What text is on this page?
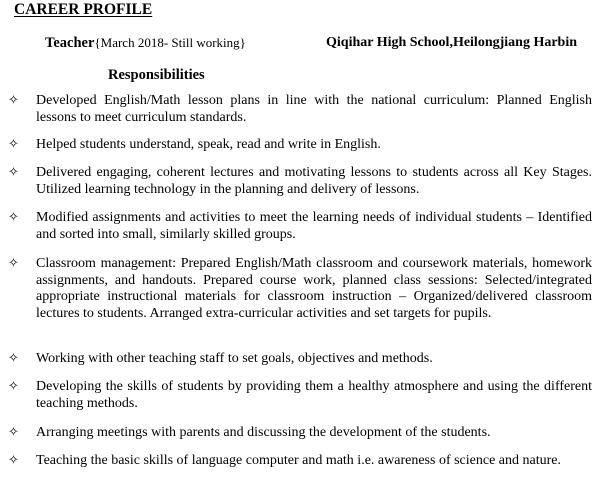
CAREER PROFILE
Teacher{March 2018- Still working}	Qiqihar High School,Heilongjiang Harbin
Responsibilities
✧ Developed English/Math lesson plans in line with the national curriculum: Planned English lessons to meet curriculum standards.
✧ Helped students understand, speak, read and write in English.
✧ Delivered engaging, coherent lectures and motivating lessons to students across all Key Stages. Utilized learning technology in the planning and delivery of lessons.
✧ Modified assignments and activities to meet the learning needs of individual students – Identified and sorted into small, similarly skilled groups.
✧ Classroom management: Prepared English/Math classroom and coursework materials, homework assignments, and handouts. Prepared course work, planned class sessions: Selected/integrated appropriate instructional materials for classroom instruction – Organized/delivered classroom lectures to students. Arranged extra-curricular activities and set targets for pupils.
✧ Working with other teaching staff to set goals, objectives and methods.
✧ Developing the skills of students by providing them a healthy atmosphere and using the different teaching methods.
✧ Arranging meetings with parents and discussing the development of the students.
✧ Teaching the basic skills of language computer and math i.e. awareness of science and nature.
